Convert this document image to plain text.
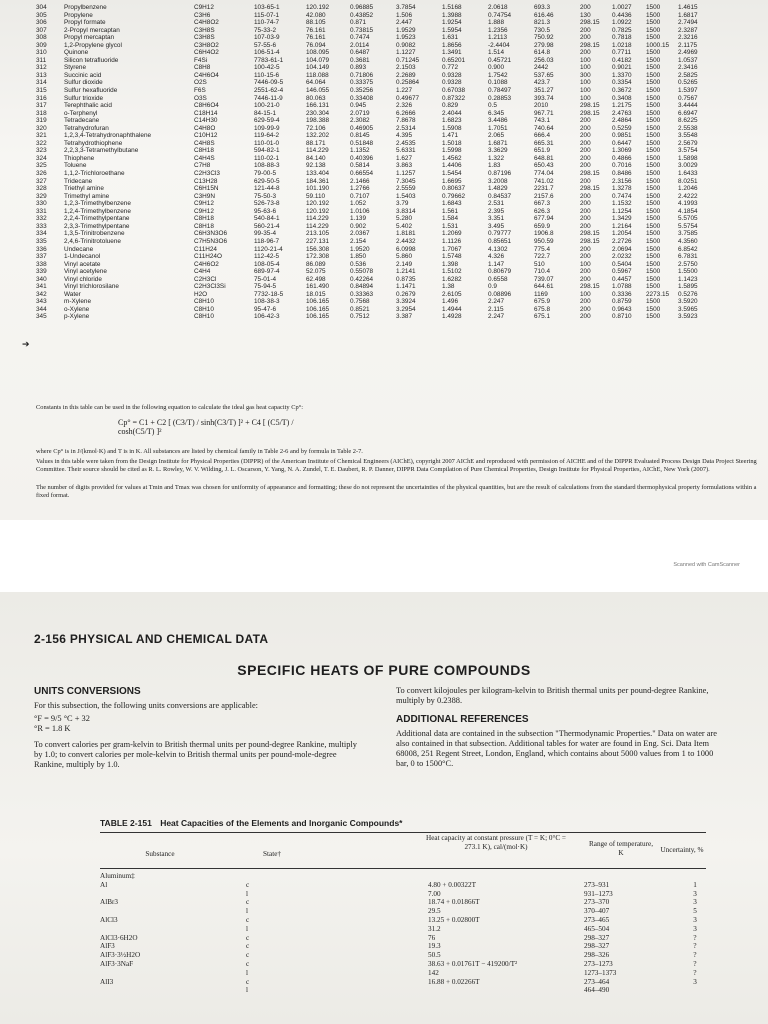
304	Propylbenzene	C9H12	103-65-1	120.192	0.96885	3.7854	1.5168	2.0618	693.3	200	1.0027	1500	1.4615
305	Propylene	C3H6	115-07-1	42.080	0.43852	1.506	1.3988	0.74754	616.46	130	0.4436	1500	1.6817
306	Propyl formate	C4H8O2	110-74-7	88.105	0.871	2.447	1.9254	1.888	821.3	298.15	1.0922	1500	2.7494
307	2-Propyl mercaptan	C3H8S	75-33-2	76.161	0.73815	1.9529	1.5954	1.2356	730.5	200	0.7825	1500	2.3287
308	Propyl mercaptan	C3H8S	107-03-9	76.161	0.7474	1.9523	1.631	1.2113	750.92	200	0.7818	1500	2.3216
309	1,2-Propylene glycol	C3H8O2	57-55-6	76.094	2.0114	0.9082	1.8656	-2.4404	279.98	298.15	1.0218	1000.15	2.1175
310	Quinone	C6H4O2	106-51-4	108.095	0.6487	1.1227	1.3491	1.514	614.8	200	0.7711	1500	2.4969
311	Silicon tetrafluoride	F4Si	7783-61-1	104.079	0.3681	0.71245	0.65201	0.45721	256.03	100	0.4182	1500	1.0537
312	Styrene	C8H8	100-42-5	104.149	0.893	2.1503	0.772	0.900	2442	100	0.9021	1500	2.3416
313	Succinic acid	C4H6O4	110-15-6	118.088	0.71806	2.2689	0.9328	1.7542	537.65	300	1.3370	1500	2.5825
314	Sulfur dioxide	O2S	7446-09-5	64.064	0.33375	0.25864	0.9328	0.1088	423.7	100	0.3354	1500	0.5265
315	Sulfur hexafluoride	F6S	2551-62-4	146.055	0.35256	1.227	0.67038	0.78497	351.27	100	0.3672	1500	1.5397
316	Sulfur trioxide	O3S	7446-11-9	80.063	0.33408	0.49677	0.87322	0.28853	393.74	100	0.3408	1500	0.7567
317	Terephthalic acid	C8H6O4	100-21-0	166.131	0.945	2.326	0.829	0.5	2010	298.15	1.2175	1500	3.4444
318	o-Terphenyl	C18H14	84-15-1	230.304	2.0719	6.2666	2.4044	6.345	967.71	298.15	2.4763	1500	6.6947
319	Tetradecane	C14H30	629-59-4	198.388	2.3082	7.8678	1.6823	3.4486	743.1	200	2.4864	1500	8.6225
320	Tetrahydrofuran	C4H8O	109-99-9	72.106	0.46905	2.5314	1.5908	1.7051	740.64	200	0.5259	1500	2.5538
321	1,2,3,4-Tetrahydronaphthalene	C10H12	119-64-2	132.202	0.8145	4.395	1.471	2.065	666.4	200	0.9851	1500	3.5548
322	Tetrahydrothiophene	C4H8S	110-01-0	88.171	0.51848	2.4535	1.5018	1.6871	665.31	200	0.6447	1500	2.5679
323	2,2,3,3-Tetramethylbutane	C8H18	594-82-1	114.229	1.1352	5.6331	1.5998	3.3629	651.9	200	1.3069	1500	3.5754
324	Thiophene	C4H4S	110-02-1	84.140	0.40396	1.627	1.4562	1.322	648.81	200	0.4866	1500	1.5898
325	Toluene	C7H8	108-88-3	92.138	0.5814	3.863	1.4406	1.83	650.43	200	0.7016	1500	3.0029
326	1,1,2-Trichloroethane	C2H3Cl3	79-00-5	133.404	0.66554	1.1257	1.5454	0.87196	774.04	298.15	0.8486	1500	1.6433
327	Tridecane	C13H28	629-50-5	184.361	2.1466	7.3045	1.6695	3.2008	741.02	200	2.3156	1500	8.0251
328	Triethyl amine	C6H15N	121-44-8	101.190	1.2766	2.5559	0.80637	1.4829	2231.7	298.15	1.3278	1500	1.2046
329	Trimethyl amine	C3H9N	75-50-3	59.110	0.7107	1.5403	0.79662	0.84537	2157.6	200	0.7474	1500	2.4222
330	1,2,3-Trimethylbenzene	C9H12	526-73-8	120.192	1.052	3.79	1.6843	2.531	667.3	200	1.1532	1500	4.1993
331	1,2,4-Trimethylbenzene	C9H12	95-63-6	120.192	1.0106	3.8314	1.561	2.395	626.3	200	1.1254	1500	4.1854
332	2,2,4-Trimethylpentane	C8H18	540-84-1	114.229	1.139	5.280	1.584	3.351	677.94	200	1.3429	1500	5.5705
333	2,3,3-Trimethylpentane	C8H18	560-21-4	114.229	0.902	5.402	1.531	3.495	659.9	200	1.2164	1500	5.5754
334	1,3,5-Trinitrobenzene	C6H3N3O6	99-35-4	213.105	2.0367	1.8181	1.2069	0.79777	1906.8	298.15	1.2054	1500	3.7585
335	2,4,6-Trinitrotoluene	C7H5N3O6	118-96-7	227.131	2.154	2.4432	1.1126	0.85651	950.59	298.15	2.2726	1500	4.3560
336	Undecane	C11H24	1120-21-4	156.308	1.9520	6.0998	1.7067	4.1302	775.4	200	2.0694	1500	6.8542
337	1-Undecanol	C11H24O	112-42-5	172.308	1.850	5.860	1.5748	4.326	722.7	200	2.0232	1500	6.7831
338	Vinyl acetate	C4H6O2	108-05-4	86.089	0.536	2.149	1.398	1.147	510	100	0.5404	1500	2.5750
339	Vinyl acetylene	C4H4	689-97-4	52.075	0.55078	1.2141	1.5102	0.80679	710.4	200	0.5967	1500	1.5500
340	Vinyl chloride	C2H3Cl	75-01-4	62.498	0.42264	0.8735	1.6282	0.6558	739.07	200	0.4457	1500	1.1423
341	Vinyl trichlorosilane	C2H3Cl3Si	75-94-5	161.490	0.84894	1.1471	1.38	0.9	644.61	298.15	1.0788	1500	1.5895
342	Water	H2O	7732-18-5	18.015	0.33363	0.2679	2.6105	0.08896	1169	100	0.3336	2273.15	0.5276
343	m-Xylene	C8H10	108-38-3	106.165	0.7568	3.3924	1.496	2.247	675.9	200	0.8759	1500	3.5920
344	o-Xylene	C8H10	95-47-6	106.165	0.8521	3.2954	1.4944	2.115	675.8	200	0.9643	1500	3.5965
345	p-Xylene	C8H10	106-42-3	106.165	0.7512	3.387	1.4928	2.247	675.1	200	0.8710	1500	3.5923
➔
Constants in this table can be used in the following equation to calculate the ideal gas heat capacity Cp°:
Cp° = C1 + C2 [ (C3/T) / sinh(C3/T) ]² + C4 [ (C5/T) / cosh(C5/T) ]²
where Cp° is in J/(kmol·K) and T is in K. All substances are listed by chemical family in Table 2-6 and by formula in Table 2-7.
Values in this table were taken from the Design Institute for Physical Properties (DIPPR) of the American Institute of Chemical Engineers (AIChE), copyright 2007 AIChE and reproduced with permission of AICHE and of the DIPPR Evaluated Process Design Data Project Steering Committee. Their source should be cited as R. L. Rowley, W. V. Wilding, J. L. Oscarson, Y. Yang, N. A. Zundel, T. E. Daubert, R. P. Danner, DIPPR Data Compilation of Pure Chemical Properties, Design Institute for Physical Properties, AIChE, New York (2007).
The number of digits provided for values at Tmin and Tmax was chosen for uniformity of appearance and formatting; these do not represent the uncertainties of the physical quantities, but are the result of calculations from the standard thermophysical property formulations within a fixed format.
Scanned with CamScanner
2-156 PHYSICAL AND CHEMICAL DATA
SPECIFIC HEATS OF PURE COMPOUNDS
UNITS CONVERSIONS

For this subsection, the following units conversions are applicable:

°F = 9/5 °C + 32

°R = 1.8 K

To convert calories per gram-kelvin to British thermal units per pound-degree Rankine, multiply by 1.0; to convert calories per mole-kelvin to British thermal units per pound-mole-degree Rankine, multiply by 1.0.

To convert kilojoules per kilogram-kelvin to British thermal units per pound-degree Rankine, multiply by 0.2388.

ADDITIONAL REFERENCES

Additional data are contained in the subsection "Thermodynamic Properties." Data on water are also contained in that subsection. Additional tables for water are found in Eng. Sci. Data Item 68008, 251 Regent Street, London, England, which contains about 5000 values from 1 to 1000 bar, 0 to 1500°C.

TABLE 2-151 Heat Capacities of the Elements and Inorganic Compounds*
Substance	State†
Heat capacity at constant pressure (T = K; 0°C = 273.1 K), cal/(mol·K)	Range of temperature, K	Uncertainty, %
Aluminum‡				
Al	c	4.80 + 0.00322T	273–931	1
	l	7.00	931–1273	3
AlBr3	c	18.74 + 0.01866T	273–370	3
	l	29.5	370–407	5
AlCl3	c	13.25 + 0.02800T	273–465	3
	l	31.2	465–504	3
AlCl3·6H2O	c	76	298–327	?
AlF3	c	19.3	298–327	?
AlF3·3½H2O	c	50.5	298–326	?
AlF3·3NaF	c	38.63 + 0.01761T − 419200/T²	273–1273	?
	l	142	1273–1373	?
AlI3	c	16.88 + 0.02266T	273–464	3
	l		464–490	
